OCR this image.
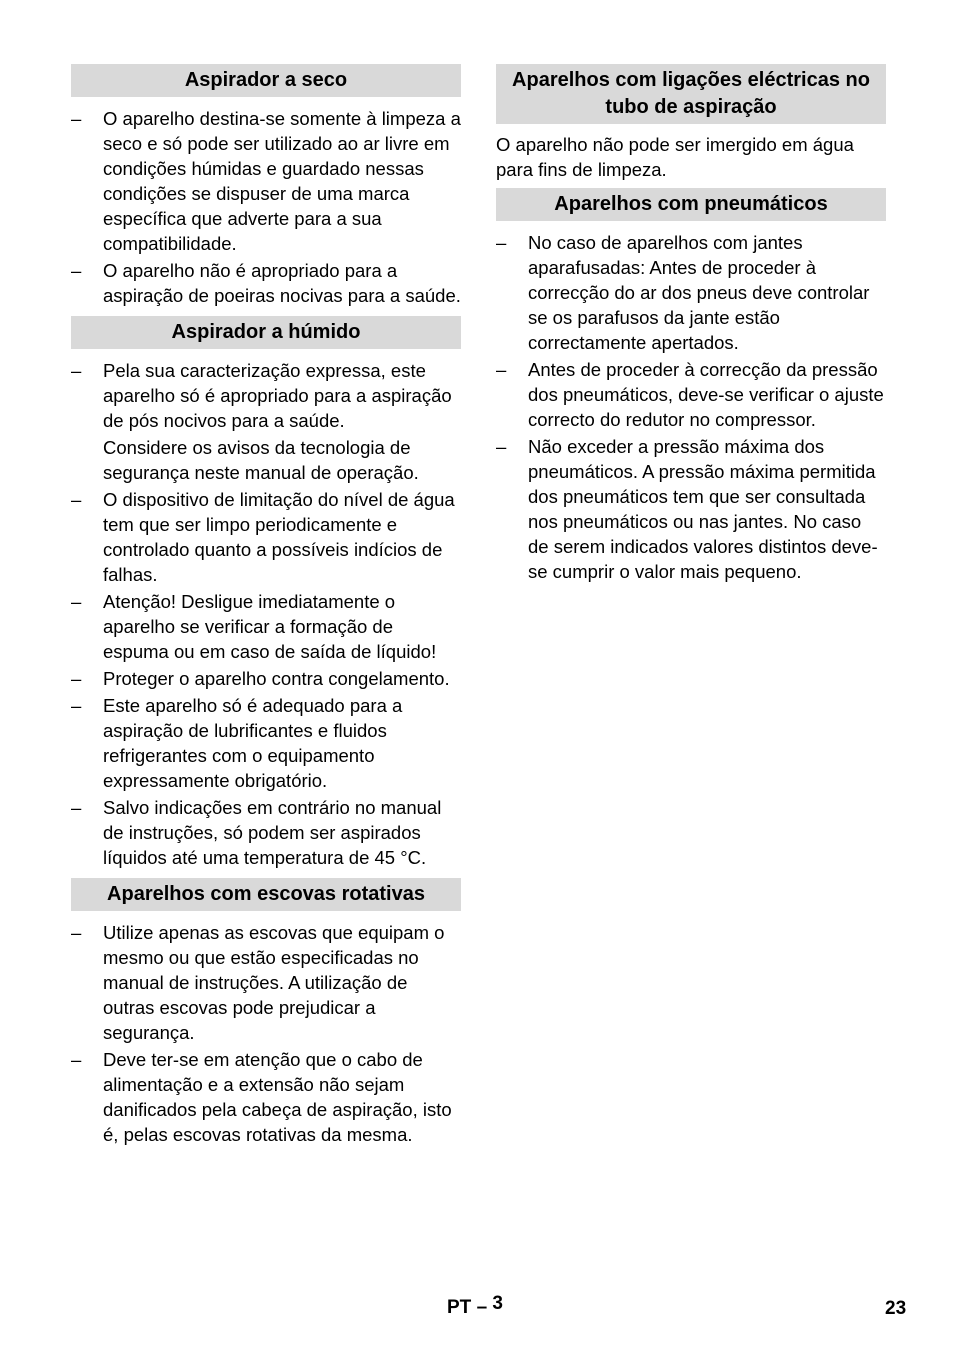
Aspirador a seco
– O aparelho destina-se somente à limpeza a seco e só pode ser utilizado ao ar livre em condições húmidas e guardado nessas condições se dispuser de uma marca específica que adverte para a sua compatibilidade.
– O aparelho não é apropriado para a aspiração de poeiras nocivas para a saúde.
Aspirador a húmido
– Pela sua caracterização expressa, este aparelho só é apropriado para a aspiração de pós nocivos para a saúde.
Considere os avisos da tecnologia de segurança neste manual de operação.
– O dispositivo de limitação do nível de água tem que ser limpo periodicamente e controlado quanto a possíveis indícios de falhas.
– Atenção! Desligue imediatamente o aparelho se verificar a formação de espuma ou em caso de saída de líquido!
– Proteger o aparelho contra congelamento.
– Este aparelho só é adequado para a aspiração de lubrificantes e fluidos refrigerantes com o equipamento expressamente obrigatório.
– Salvo indicações em contrário no manual de instruções, só podem ser aspirados líquidos até uma temperatura de 45 °C.
Aparelhos com escovas rotativas
– Utilize apenas as escovas que equipam o mesmo ou que estão especificadas no manual de instruções. A utilização de outras escovas pode prejudicar a segurança.
– Deve ter-se em atenção que o cabo de alimentação e a extensão não sejam danificados pela cabeça de aspiração, isto é, pelas escovas rotativas da mesma.
Aparelhos com ligações eléctricas no tubo de aspiração

O aparelho não pode ser imergido em água para fins de limpeza.

Aparelhos com pneumáticos
– No caso de aparelhos com jantes aparafusadas: Antes de proceder à correcção do ar dos pneus deve controlar se os parafusos da jante estão correctamente apertados.
– Antes de proceder à correcção da pressão dos pneumáticos, deve-se verificar o ajuste correcto do redutor no compressor.
– Não exceder a pressão máxima dos pneumáticos. A pressão máxima permitida dos pneumáticos tem que ser consultada nos pneumáticos ou nas jantes. No caso de serem indicados valores distintos deve-se cumprir o valor mais pequeno.
PT – 3	23
